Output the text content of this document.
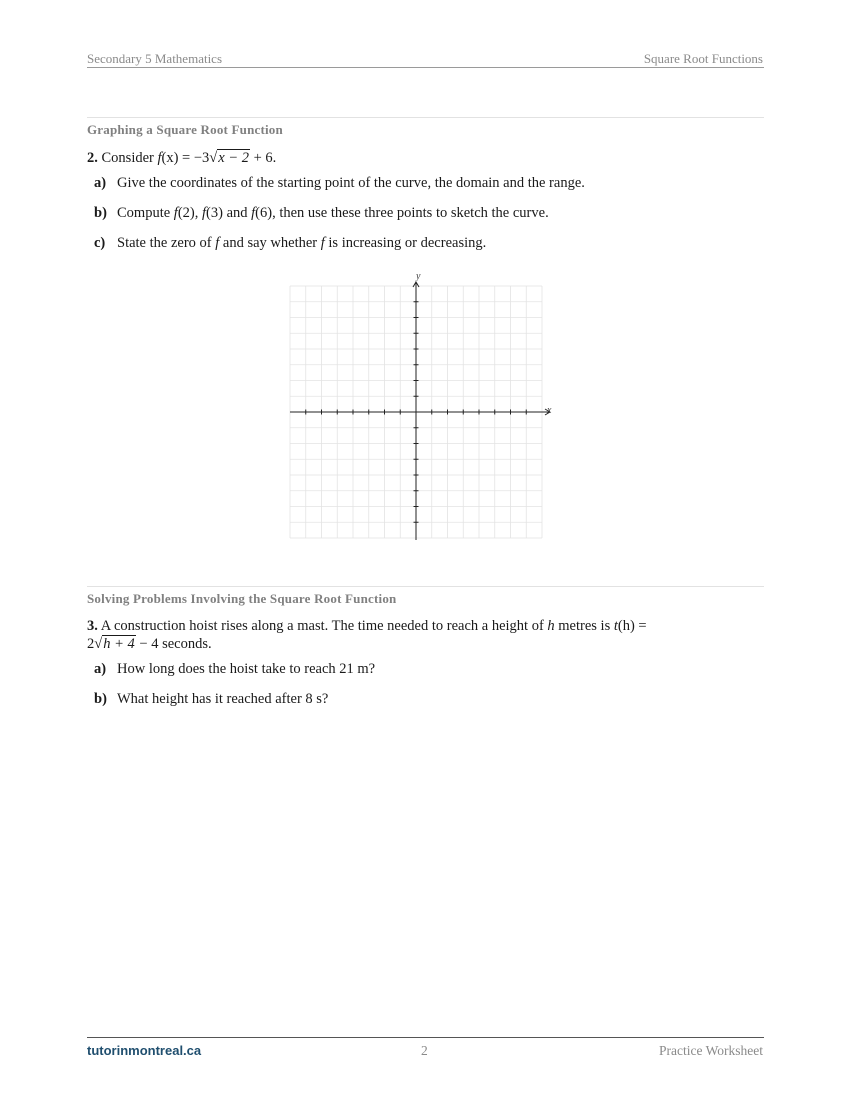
Secondary 5 Mathematics	Square Root Functions
Graphing a Square Root Function
2. Consider f(x) = −3√x − 2 + 6.
a) Give the coordinates of the starting point of the curve, the domain and the range.
b) Compute f(2), f(3) and f(6), then use these three points to sketch the curve.
c) State the zero of f and say whether f is increasing or decreasing.
y
x
Solving Problems Involving the Square Root Function
3. A construction hoist rises along a mast. The time needed to reach a height of h metres is t(h) =
2√h + 4 − 4 seconds.
a) How long does the hoist take to reach 21 m?
b) What height has it reached after 8 s?
tutorinmontreal.ca	2	Practice Worksheet
